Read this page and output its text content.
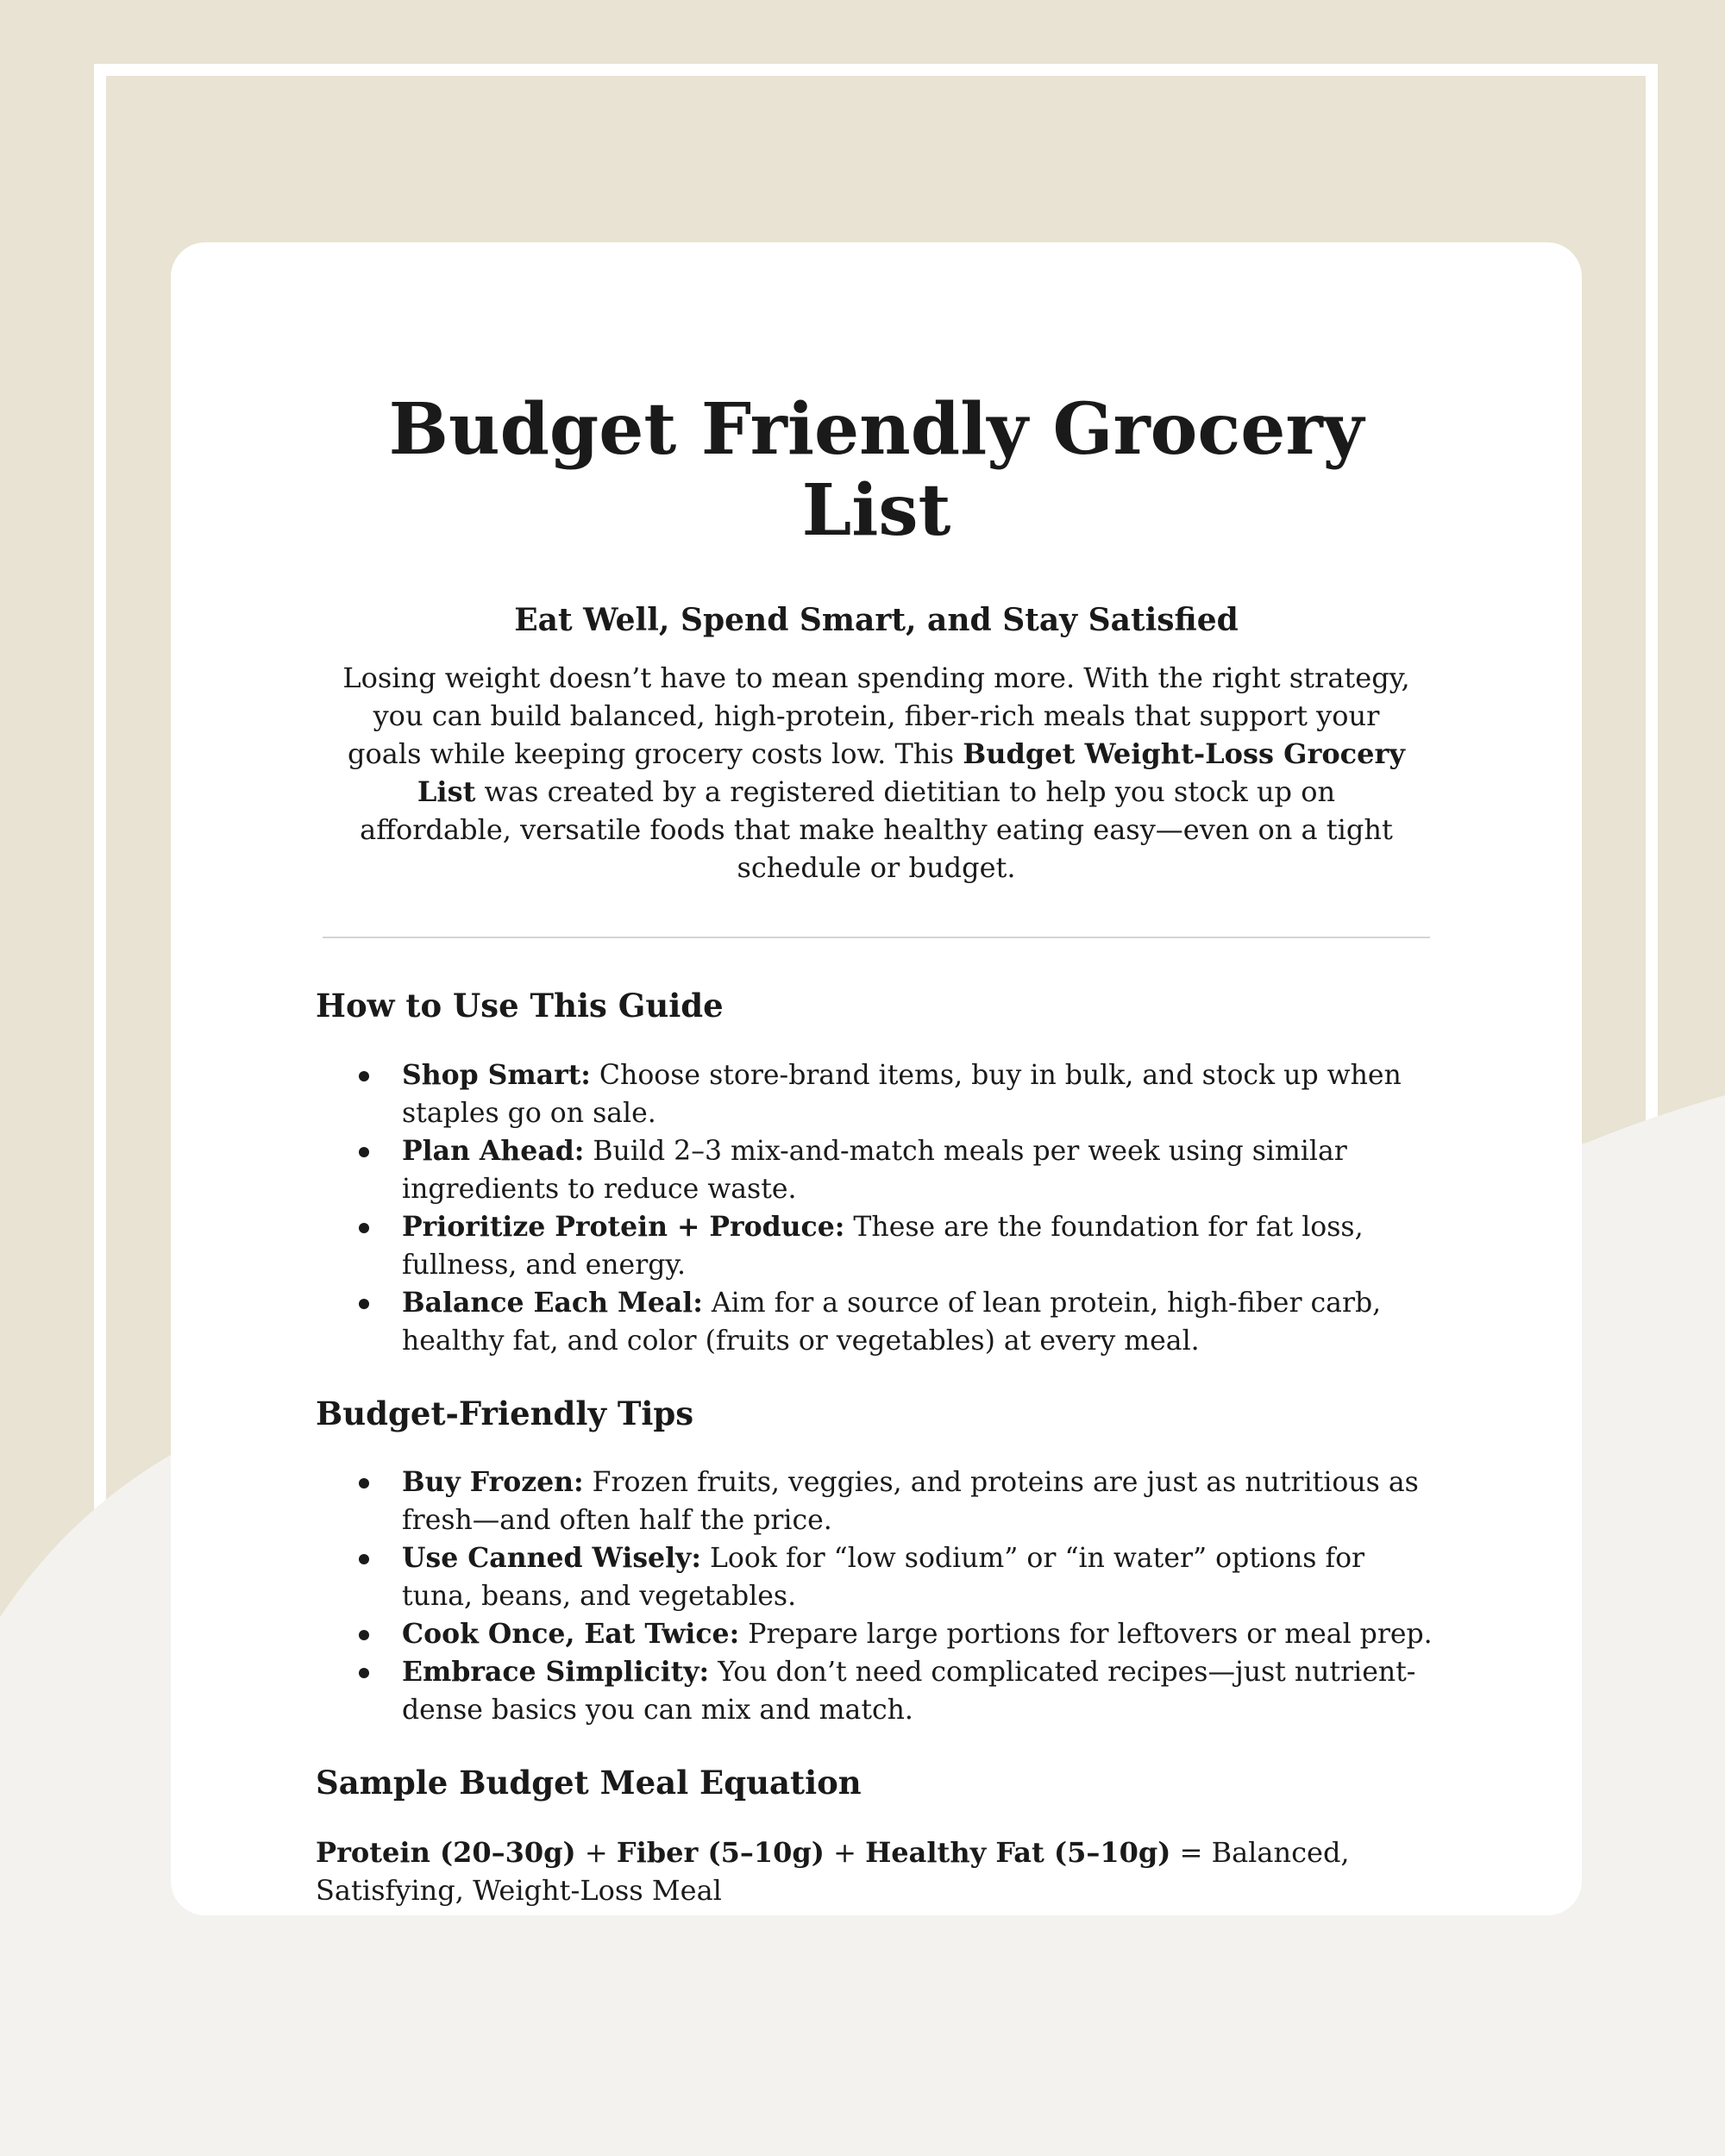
Budget Friendly Grocery List
Eat Well, Spend Smart, and Stay Satisfied

Losing weight doesn’t have to mean spending more. With the right strategy, you can build balanced, high-protein, fiber-rich meals that support your goals while keeping grocery costs low. This Budget Weight-Loss Grocery List was created by a registered dietitian to help you stock up on affordable, versatile foods that make healthy eating easy—even on a tight schedule or budget.

How to Use This Guide
Shop Smart: Choose store-brand items, buy in bulk, and stock up when staples go on sale.
Plan Ahead: Build 2–3 mix-and-match meals per week using similar ingredients to reduce waste.
Prioritize Protein + Produce: These are the foundation for fat loss, fullness, and energy.
Balance Each Meal: Aim for a source of lean protein, high-fiber carb, healthy fat, and color (fruits or vegetables) at every meal.
Budget-Friendly Tips
Buy Frozen: Frozen fruits, veggies, and proteins are just as nutritious as fresh—and often half the price.
Use Canned Wisely: Look for “low sodium” or “in water” options for tuna, beans, and vegetables.
Cook Once, Eat Twice: Prepare large portions for leftovers or meal prep.
Embrace Simplicity: You don’t need complicated recipes—just nutrient-dense basics you can mix and match.
Sample Budget Meal Equation

Protein (20–30g) + Fiber (5–10g) + Healthy Fat (5–10g) = Balanced, Satisfying, Weight-Loss Meal
